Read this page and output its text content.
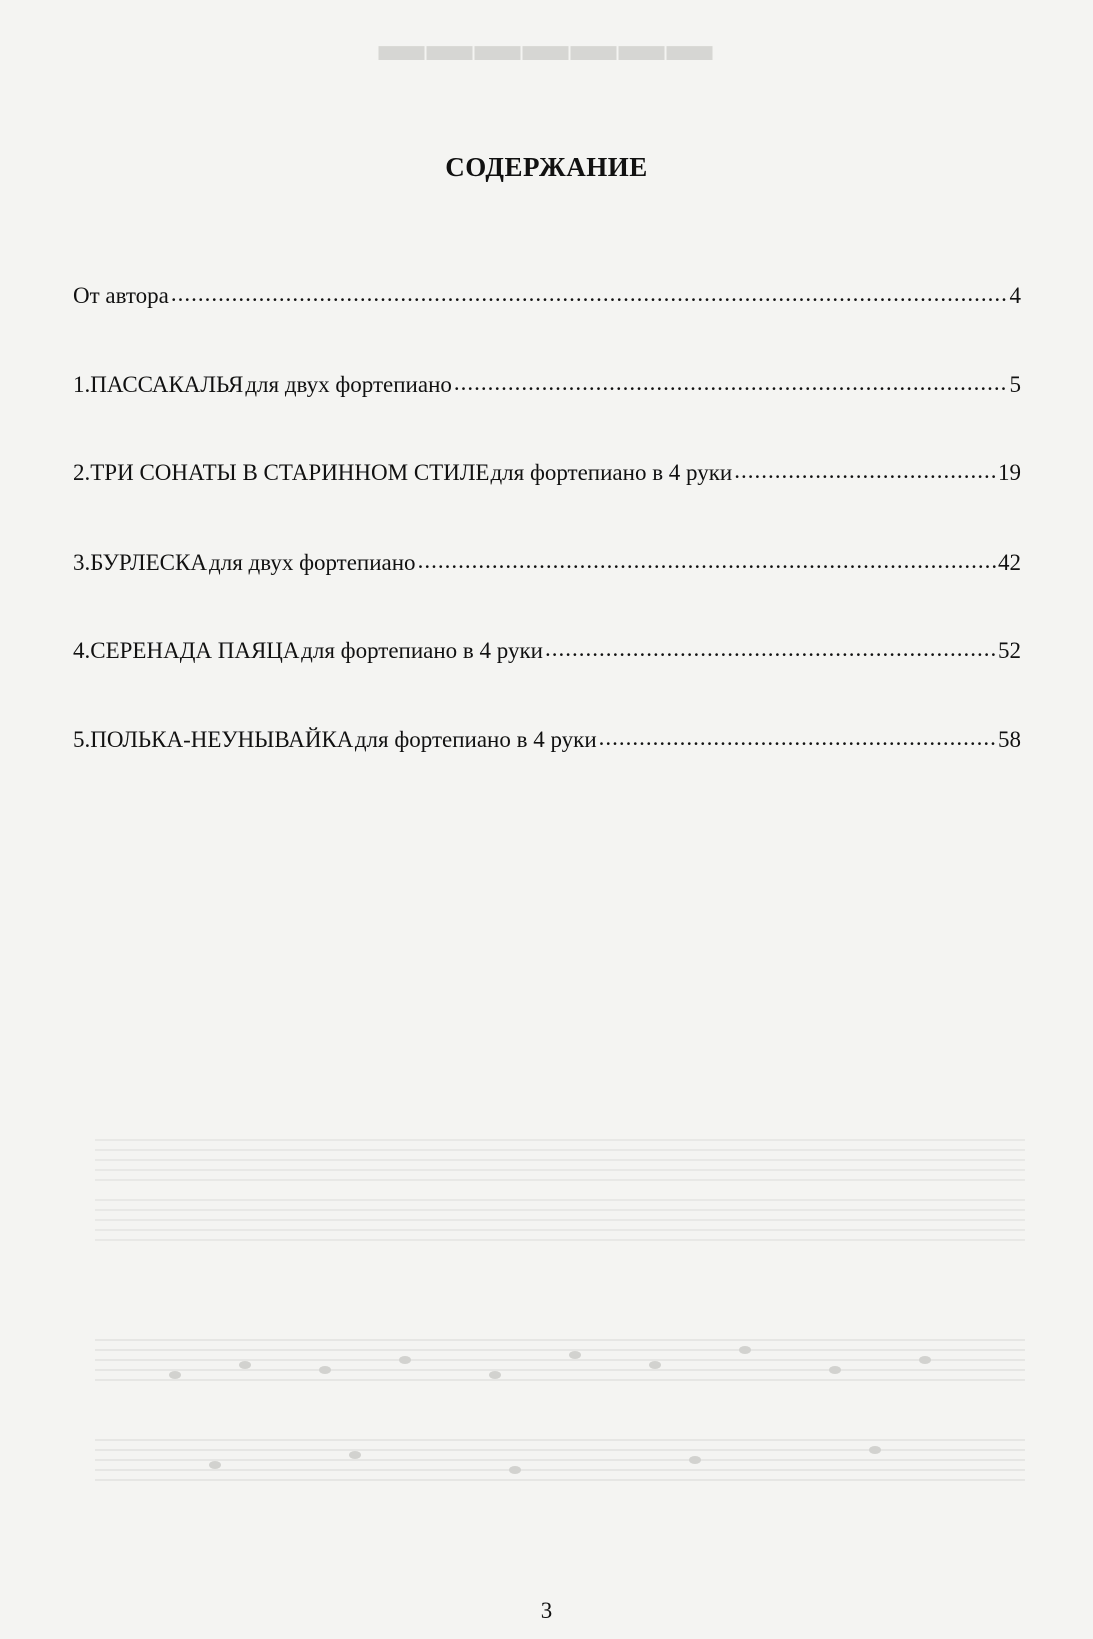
▬▬▬▬▬▬▬
СОДЕРЖАНИЕ
От автора .....	4
1. ПАССАКАЛЬЯ для двух фортепиано .....	5
2. ТРИ СОНАТЫ В СТАРИННОМ СТИЛЕ для фортепиано в 4 руки .....	19
3. БУРЛЕСКА для двух фортепиано .....	42
4. СЕРЕНАДА ПАЯЦА для фортепиано в 4 руки .....	52
5. ПОЛЬКА-НЕУНЫВАЙКА для фортепиано в 4 руки .....	58
3
